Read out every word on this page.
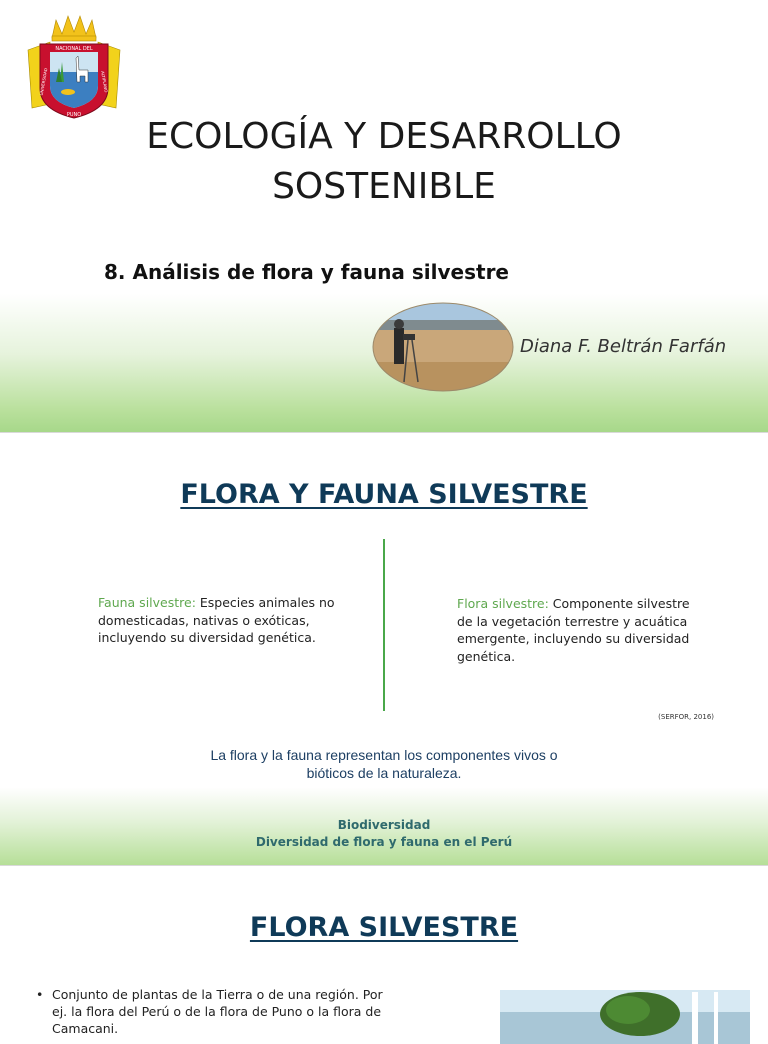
NACIONAL DEL
PUNO
UNIVERSIDAD	ALTIPLANO
ECOLOGÍA Y DESARROLLO
SOSTENIBLE

8. Análisis de flora y fauna silvestre

Diana F. Beltrán Farfán
FLORA Y FAUNA SILVESTRE
Fauna silvestre: Especies animales no domesticadas, nativas o exóticas, incluyendo su diversidad genética.
Flora silvestre: Componente silvestre de la vegetación terrestre y acuática emergente, incluyendo su diversidad genética.
(SERFOR, 2016)
La flora y la fauna representan los componentes vivos o
bióticos de la naturaleza.
Biodiversidad
Diversidad de flora y fauna en el Perú
FLORA SILVESTRE
• Conjunto de plantas de la Tierra o de una región. Por ej. la flora del Perú o de la flora de Puno o la flora de Camacani.
